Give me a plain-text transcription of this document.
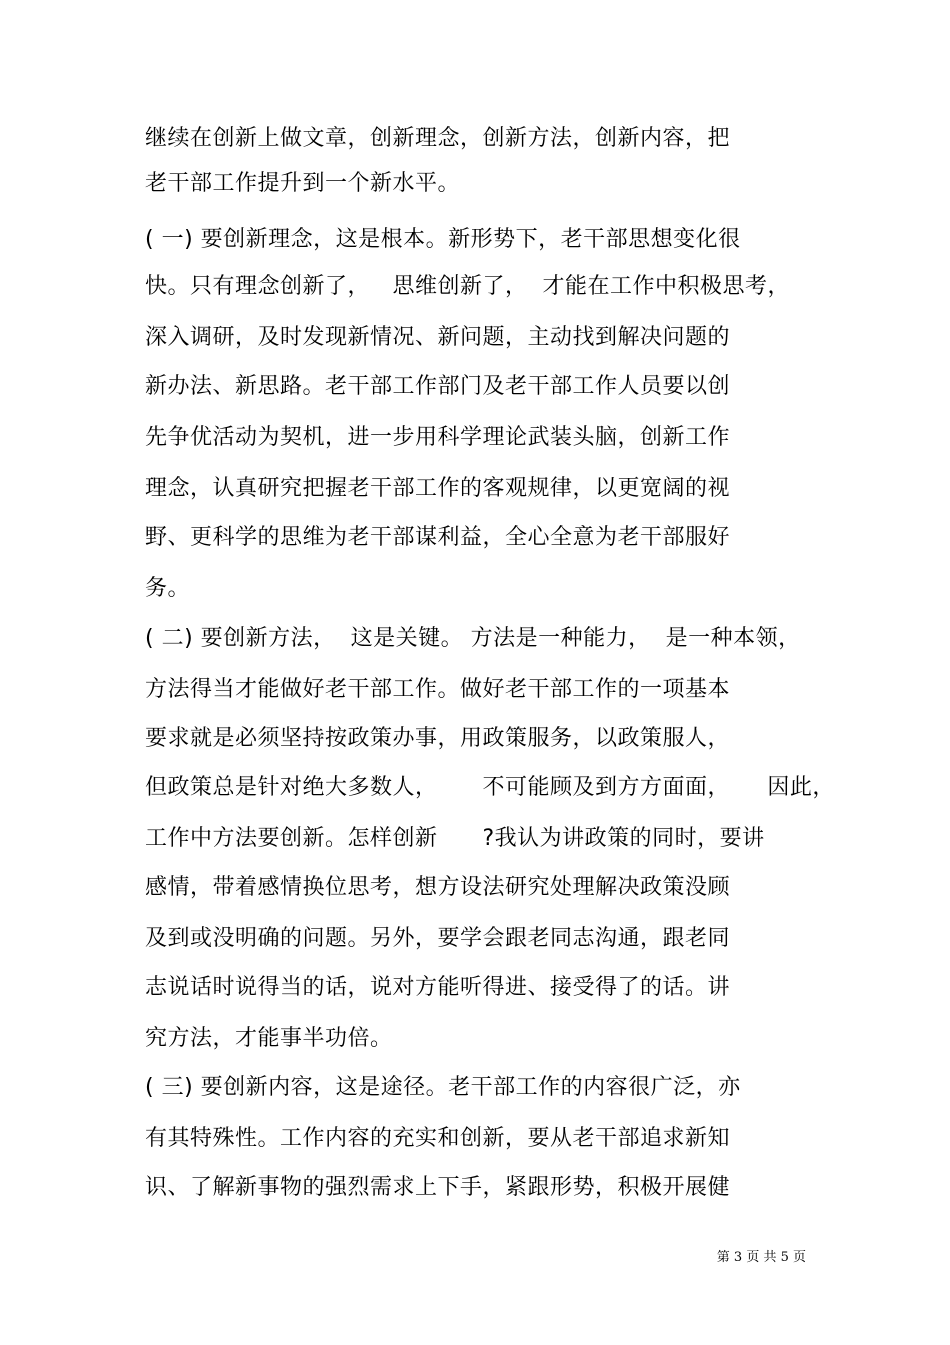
继续在创新上做文章，创新理念，创新方法，创新内容，把
老干部工作提升到一个新水平。
( 一) 要创新理念，这是根本。新形势下，老干部思想变化很
快。只有理念创新了，   思维创新了，  才能在工作中积极思考，
深入调研，及时发现新情况、新问题，主动找到解决问题的
新办法、新思路。老干部工作部门及老干部工作人员要以创
先争优活动为契机，进一步用科学理论武装头脑，创新工作
理念，认真研究把握老干部工作的客观规律，以更宽阔的视
野、更科学的思维为老干部谋利益，全心全意为老干部服好
务。
( 二) 要创新方法，  这是关键。 方法是一种能力，  是一种本领，
方法得当才能做好老干部工作。做好老干部工作的一项基本
要求就是必须坚持按政策办事，用政策服务，以政策服人，
但政策总是针对绝大多数人，      不可能顾及到方方面面，     因此，
工作中方法要创新。怎样创新      ?我认为讲政策的同时，要讲
感情，带着感情换位思考，想方设法研究处理解决政策没顾
及到或没明确的问题。另外，要学会跟老同志沟通，跟老同
志说话时说得当的话，说对方能听得进、接受得了的话。讲
究方法，才能事半功倍。
( 三) 要创新内容，这是途径。老干部工作的内容很广泛，亦
有其特殊性。工作内容的充实和创新，要从老干部追求新知
识、了解新事物的强烈需求上下手，紧跟形势，积极开展健
第 3 页 共 5 页
